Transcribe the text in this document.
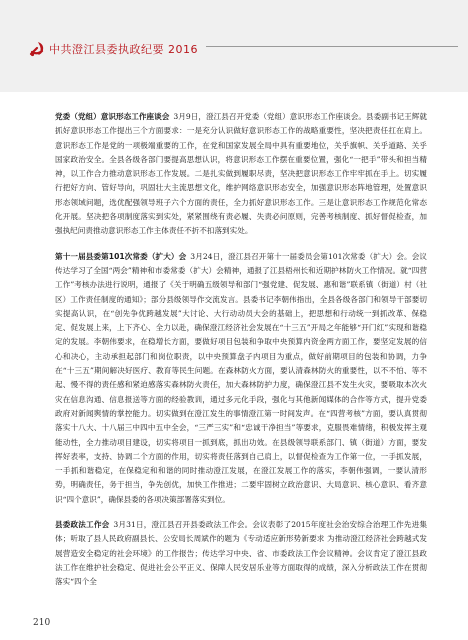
中共澄江县委执政纪要 2016

党委（党组）意识形态工作座谈会 3月9日，澄江县召开党委（党组）意识形态工作座谈会。县委副书记王辉就抓好意识形态工作提出三个方面要求：一是充分认识做好意识形态工作的战略重要性，坚决把责任扛在肩上。意识形态工作是党的一项极端重要的工作，在党和国家发展全局中具有重要地位，关乎旗帜、关乎道路、关乎国家政治安全。全县各级各部门要提高思想认识，将意识形态工作摆在重要位置，强化“一把手”带头和担当精神，以工作合力推动意识形态工作发展。二是扎实做到履职尽责，坚决把意识形态工作牢牢抓在手上。切实履行把好方向、管好导向，巩固壮大主流思想文化，维护网络意识形态安全，加强意识形态阵地管理，处置意识形态领域问题，选优配强领导班子六个方面的责任，全力抓好意识形态工作。三是让意识形态工作规范化常态化开展。坚决把各项制度落实到实处，紧紧围绕有责必履、失责必问原则，完善考核制度、抓好督促检查，加强执纪问责推动意识形态工作主体责任不折不扣落到实处。

第十一届县委第101次常委（扩大）会 3月24日，澄江县召开第十一届委员会第101次常委（扩大）会。会议传达学习了全国“两会”精神和市委常委（扩大）会精神，通报了江县梧州长和近期护林防火工作情况。就“四营工作”考核办法进行说明，通报了《关于明确五级领导和部门“强党建、促发展、惠和谐”联系镇（街道）村（社区）工作责任制度的通知》；部分县级领导作交流发言。县委书记李朝伟指出，全县各级各部门和领导干部要切实提高认识，在“创先争优跨越发展”大讨论、大行动动员大会的基础上，把思想和行动统一到抓改革、保稳定、促发展上来，上下齐心、全力以赴，确保澄江经济社会发展在“十三五”开局之年能够“开门红”实现和谐稳定的发展。李朝伟要求，在稳增长方面，要做好项目包装和争取中央预算内资金两方面工作，要坚定发展的信心和决心，主动承担起部门和岗位职责，以中央预算盘子内项目为重点，做好前期项目的包装和协调，力争在“十三五”期间解决好医疗、教育等民生问题。在森林防火方面，要认清森林防火的重要性，以不不怕、等不起、慢不得的责任感和紧迫感落实森林防火责任，加大森林防护力度，确保澄江县不发生火灾，要吸取本次火灾在信息沟通、信息报送等方面的经验教训，通过多元化手段，强化与其他新闻媒体的合作等方式，提升党委政府对新闻舆情的掌控能力。切实做到在澄江发生的事情澄江第一时间发声。在“四营考核”方面，要认真贯彻落实十八大、十八届三中四中五中全会，“三严三实”和“忠诚干净担当”等要求，克服畏难情绪，积极发挥主观能动性，全力推动项目建设，切实将项目一抓到底，抓出功效。在县级领导联系部门、镇（街道）方面，要发挥好表率，支持、协调二个方面的作用，切实将责任落到自己肩上，以督促检查为工作第一位，一手抓发展，一手抓和谐稳定，在保稳定和和谐的同时推动澄江发展，在澄江发展工作的落实，李朝伟强调，一要认清形势，明确责任，务于担当，争先创优，加快工作推进；二要牢固树立政治意识、大局意识、核心意识、看齐意识“四个意识”，确保县委的各项决策部署落实到位。

县委政法工作会 3月31日，澄江县召开县委政法工作会。会议表彰了2015年度社会治安综合治理工作先进集体；听取了县人民政府副县长、公安局长周斌作的题为《专动适应新形势新要求 为推动澄江经济社会跨越式发展营造安全稳定的社会环境》的工作报告；传达学习中央、省、市委政法工作会议精神。会议肯定了澄江县政法工作在维护社会稳定、促进社会公平正义、保障人民安居乐业等方面取得的成绩，深入分析政法工作在贯彻落实“四个全

210
